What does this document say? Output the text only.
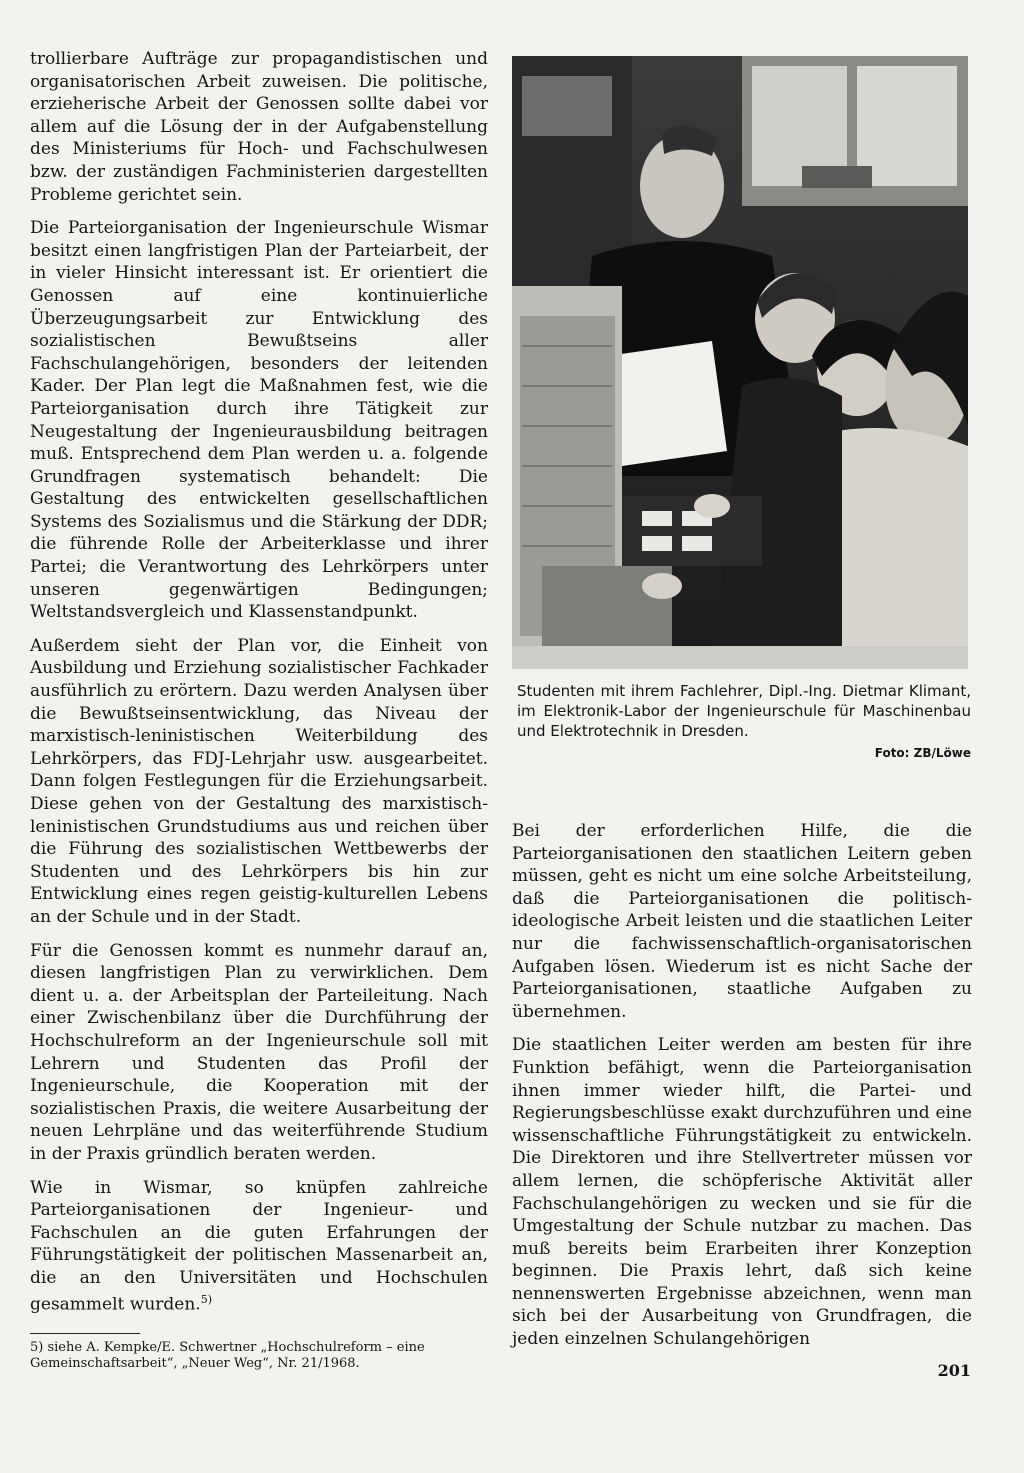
trollierbare Aufträge zur propagandistischen und organisatorischen Arbeit zuweisen. Die politische, erzieherische Arbeit der Genossen sollte dabei vor allem auf die Lösung der in der Aufgabenstellung des Ministeriums für Hoch- und Fachschulwesen bzw. der zuständigen Fachministerien dargestellten Probleme gerichtet sein.

Die Parteiorganisation der Ingenieurschule Wismar besitzt einen langfristigen Plan der Parteiarbeit, der in vieler Hinsicht interessant ist. Er orientiert die Genossen auf eine kontinuierliche Überzeugungsarbeit zur Entwicklung des sozialistischen Bewußtseins aller Fachschulangehörigen, besonders der leitenden Kader. Der Plan legt die Maßnahmen fest, wie die Parteiorganisation durch ihre Tätigkeit zur Neugestaltung der Ingenieurausbildung beitragen muß. Entsprechend dem Plan werden u. a. folgende Grundfragen systematisch behandelt: Die Gestaltung des entwickelten gesellschaftlichen Systems des Sozialismus und die Stärkung der DDR; die führende Rolle der Arbeiterklasse und ihrer Partei; die Verantwortung des Lehrkörpers unter unseren gegenwärtigen Bedingungen; Weltstandsvergleich und Klassenstandpunkt.

Außerdem sieht der Plan vor, die Einheit von Ausbildung und Erziehung sozialistischer Fachkader ausführlich zu erörtern. Dazu werden Analysen über die Bewußtseinsentwicklung, das Niveau der marxistisch-leninistischen Weiterbildung des Lehrkörpers, das FDJ-Lehrjahr usw. ausgearbeitet. Dann folgen Festlegungen für die Erziehungsarbeit. Diese gehen von der Gestaltung des marxistisch-leninistischen Grundstudiums aus und reichen über die Führung des sozialistischen Wettbewerbs der Studenten und des Lehrkörpers bis hin zur Entwicklung eines regen geistig-kulturellen Lebens an der Schule und in der Stadt.

Für die Genossen kommt es nunmehr darauf an, diesen langfristigen Plan zu verwirklichen. Dem dient u. a. der Arbeitsplan der Parteileitung. Nach einer Zwischenbilanz über die Durchführung der Hochschulreform an der Ingenieurschule soll mit Lehrern und Studenten das Profil der Ingenieurschule, die Kooperation mit der sozialistischen Praxis, die weitere Ausarbeitung der neuen Lehrpläne und das weiterführende Studium in der Praxis gründlich beraten werden.

Wie in Wismar, so knüpfen zahlreiche Parteiorganisationen der Ingenieur- und Fachschulen an die guten Erfahrungen der Führungstätigkeit der politischen Massenarbeit an, die an den Universitäten und Hochschulen gesammelt wurden.$^{5)}$

5) siehe A. Kempke/E. Schwertner „Hochschulreform – eine Gemeinschaftsarbeit“, „Neuer Weg“, Nr. 21/1968.
Studenten mit ihrem Fachlehrer, Dipl.-Ing. Dietmar Klimant, im Elektronik-Labor der Ingenieurschule für Maschinenbau und Elektrotechnik in Dresden.
Foto: ZB/Löwe

Bei der erforderlichen Hilfe, die die Parteiorganisationen den staatlichen Leitern geben müssen, geht es nicht um eine solche Arbeitsteilung, daß die Parteiorganisationen die politisch-ideologische Arbeit leisten und die staatlichen Leiter nur die fachwissenschaftlich-organisatorischen Aufgaben lösen. Wiederum ist es nicht Sache der Parteiorganisationen, staatliche Aufgaben zu übernehmen.

Die staatlichen Leiter werden am besten für ihre Funktion befähigt, wenn die Parteiorganisation ihnen immer wieder hilft, die Partei- und Regierungsbeschlüsse exakt durchzuführen und eine wissenschaftliche Führungstätigkeit zu entwickeln. Die Direktoren und ihre Stellvertreter müssen vor allem lernen, die schöpferische Aktivität aller Fachschulangehörigen zu wecken und sie für die Umgestaltung der Schule nutzbar zu machen. Das muß bereits beim Erarbeiten ihrer Konzeption beginnen. Die Praxis lehrt, daß sich keine nennenswerten Ergebnisse abzeichnen, wenn man sich bei der Ausarbeitung von Grundfragen, die jeden einzelnen Schulangehörigen

201
